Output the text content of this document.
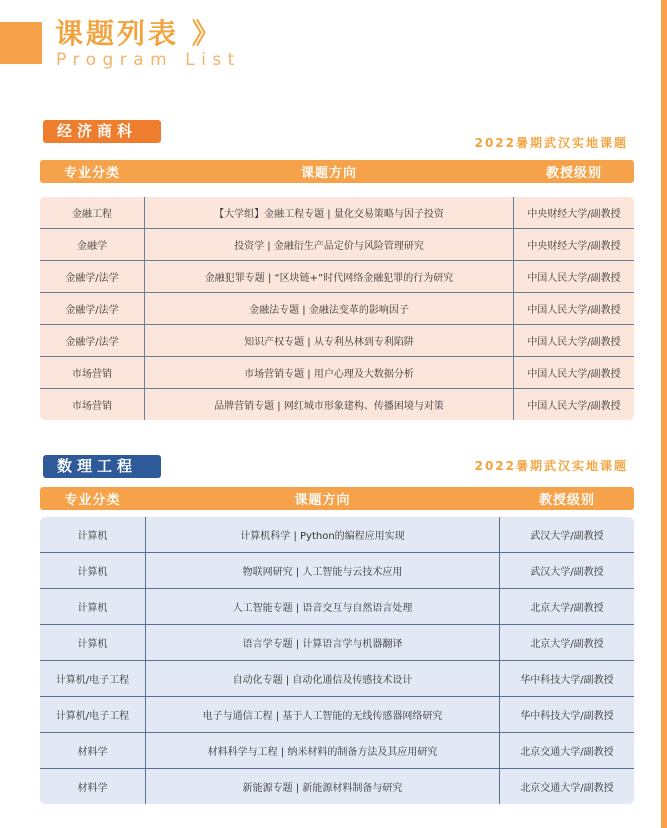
课题列表 》
Program List
经济商科
2022暑期武汉实地课题
专业分类	课题方向	教授级别
金融工程	【大学组】金融工程专题 | 量化交易策略与因子投资	中央财经大学/副教授
金融学	投资学 | 金融衍生产品定价与风险管理研究	中央财经大学/副教授
金融学/法学	金融犯罪专题 | “区块链+”时代网络金融犯罪的行为研究	中国人民大学/副教授
金融学/法学	金融法专题 | 金融法变革的影响因子	中国人民大学/副教授
金融学/法学	知识产权专题 | 从专利丛林到专利陷阱	中国人民大学/副教授
市场营销	市场营销专题 | 用户心理及大数据分析	中国人民大学/副教授
市场营销	品牌营销专题 | 网红城市形象建构、传播困境与对策	中国人民大学/副教授
数理工程	2022暑期武汉实地课题
专业分类	课题方向	教授级别
计算机	计算机科学 | Python的编程应用实现	武汉大学/副教授
计算机	物联网研究 | 人工智能与云技术应用	武汉大学/副教授
计算机	人工智能专题 | 语音交互与自然语言处理	北京大学/副教授
计算机	语言学专题 | 计算语言学与机器翻译	北京大学/副教授
计算机/电子工程	自动化专题 | 自动化通信及传感技术设计	华中科技大学/副教授
计算机/电子工程	电子与通信工程 | 基于人工智能的无线传感器网络研究	华中科技大学/副教授
材料学	材料科学与工程 | 纳米材料的制备方法及其应用研究	北京交通大学/副教授
材料学	新能源专题 | 新能源材料制备与研究	北京交通大学/副教授
